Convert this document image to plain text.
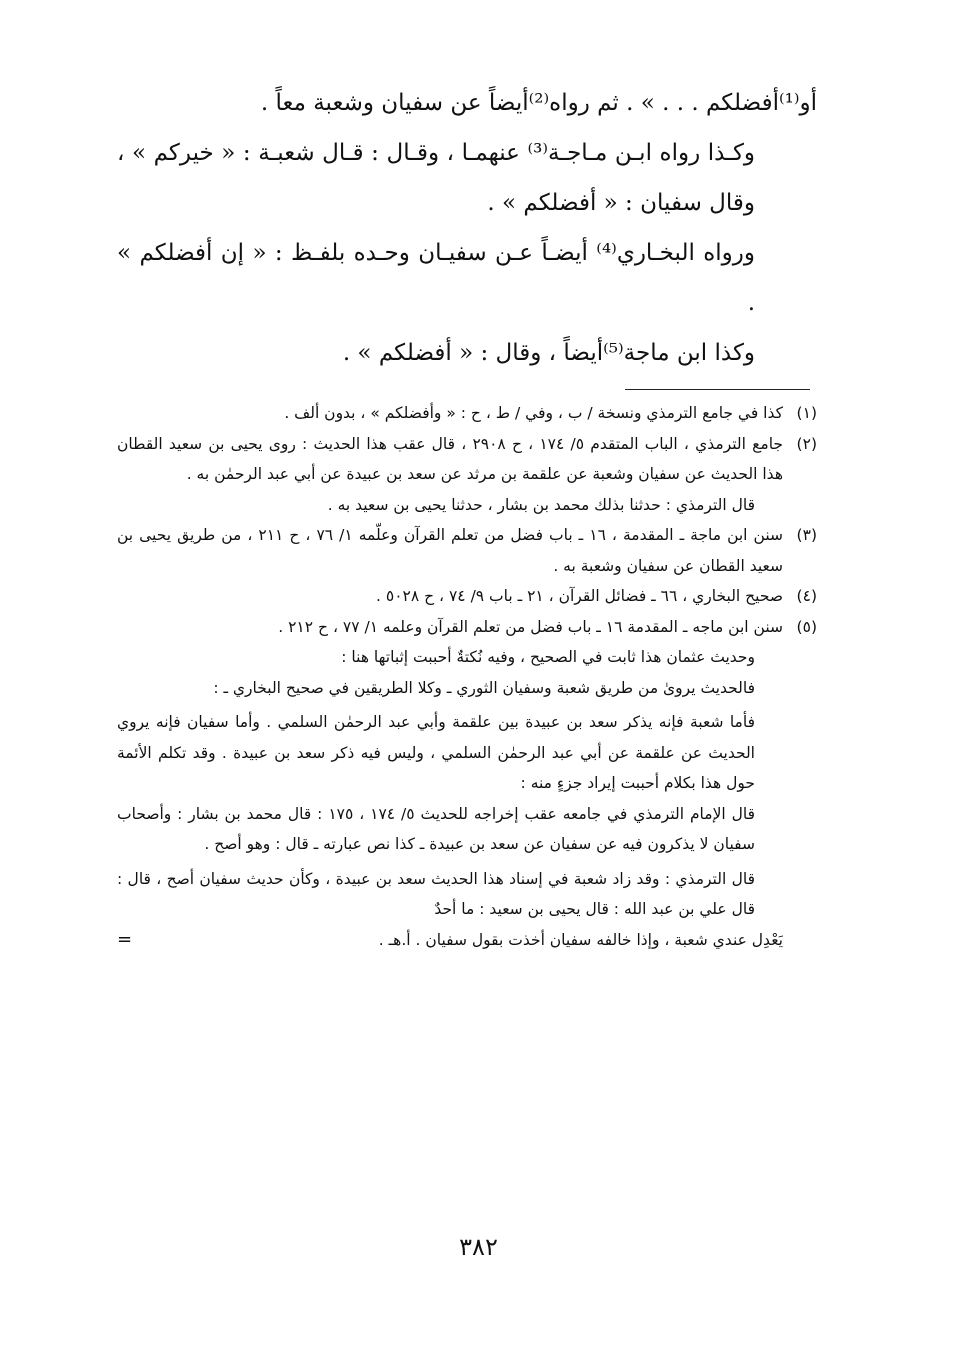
أو⁽¹⁾أفضلكم . . . » . ثم رواه⁽²⁾أيضاً عن سفيان وشعبة معاً .

وكـذا رواه ابـن مـاجـة⁽³⁾ عنهمـا ، وقـال : قـال شعبـة : « خيركم » ، وقال سفيان : « أفضلكم » .

ورواه البخـاري⁽⁴⁾ أيضـاً عـن سفيـان وحـده بلفـظ : « إن أفضلكم » .

وكذا ابن ماجة⁽⁵⁾أيضاً ، وقال : « أفضلكم » .

(١)

كذا في جامع الترمذي ونسخة / ب ، وفي / ط ، ح : « وأفضلكم » ، بدون ألف .

(٢)

جامع الترمذي ، الباب المتقدم ٥/ ١٧٤ ، ح ٢٩٠٨ ، قال عقب هذا الحديث : روى يحيى بن سعيد القطان هذا الحديث عن سفيان وشعبة عن علقمة بن مرثد عن سعد بن عبيدة عن أبي عبد الرحمٰن به .

قال الترمذي : حدثنا بذلك محمد بن بشار ، حدثنا يحيى بن سعيد به .

(٣)

سنن ابن ماجة ـ المقدمة ، ١٦ ـ باب فضل من تعلم القرآن وعلّمه ١/ ٧٦ ، ح ٢١١ ، من طريق يحيى بن سعيد القطان عن سفيان وشعبة به .

(٤)

صحيح البخاري ، ٦٦ ـ فضائل القرآن ، ٢١ ـ باب ٩/ ٧٤ ، ح ٥٠٢٨ .

(٥)

سنن ابن ماجه ـ المقدمة ١٦ ـ باب فضل من تعلم القرآن وعلمه ١/ ٧٧ ، ح ٢١٢ .

وحديث عثمان هذا ثابت في الصحيح ، وفيه نُكتةٌ أحببت إثباتها هنا :

فالحديث يروىٰ من طريق شعبة وسفيان الثوري ـ وكلا الطريقين في صحيح البخاري ـ :

فأما شعبة فإنه يذكر سعد بن عبيدة بين علقمة وأبي عبد الرحمٰن السلمي . وأما سفيان فإنه يروي الحديث عن علقمة عن أبي عبد الرحمٰن السلمي ، وليس فيه ذكر سعد بن عبيدة . وقد تكلم الأئمة حول هذا بكلام أحببت إيراد جزءٍ منه :

قال الإمام الترمذي في جامعه عقب إخراجه للحديث ٥/ ١٧٤ ، ١٧٥ : قال محمد بن بشار : وأصحاب سفيان لا يذكرون فيه عن سفيان عن سعد بن عبيدة ـ كذا نص عبارته ـ قال : وهو أصح .

قال الترمذي : وقد زاد شعبة في إسناد هذا الحديث سعد بن عبيدة ، وكأن حديث سفيان أصح ، قال : قال علي بن عبد الله : قال يحيى بن سعيد : ما أحدٌ

يَعْدِل عندي شعبة ، وإذا خالفه سفيان أخذت بقول سفيان . أ.هـ .
=
٣٨٢
